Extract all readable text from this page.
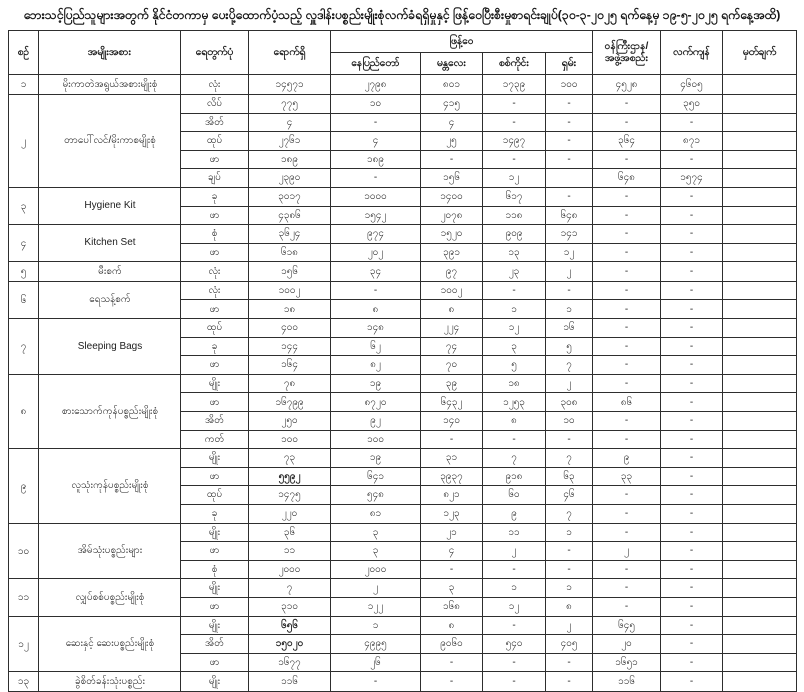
ဘေးသင့်ပြည်သူများအတွက် နိုင်ငံတကာမှ ပေးပို့ထောက်ပံ့သည့် လှူဒါန်းပစ္စည်းမျိုးစုံလက်ခံရရှိမှုနှင့် ဖြန့်ဝေပြီးစီးမှုစာရင်းချုပ်(၃၀-၃-၂၀၂၅ ရက်နေ့မှ ၁၉-၅-၂၀၂၅ ရက်နေ့အထိ)
စဉ်	အမျိုးအစား	ရေတွက်ပုံ	ရောက်ရှိ	ဖြန့်ဝေ				ဝန်ကြီးဌာန/ အဖွဲ့အစည်း	လက်ကျန်	မှတ်ချက်
				နေပြည်တော်	မန္တလေး	စစ်ကိုင်း	ရှမ်း			
၁	မိုးကာတဲအရွယ်အစားမျိုးစုံ	လုံး	၁၄၅၇၁	၂၇၉၈	၈၀၁	၁၇၃၉	၁၀၀	၄၅၂၈	၄၆၀၅	
၂	တာပေါ်လင်/မိုးကာစမျိုးစုံ	လိပ်	၇၇၅	၁၀	၄၁၅	-	-	-	၃၅၀	
		အိတ်	၄	-	၄	-	-	-	-	
		ထုပ်	၂၇၆၁	၄	၂၅	၁၄၉၇	-	၃၆၄	၈၇၁	
		ဖာ	၁၈၉	၁၈၉	-	-	-	-	-	
		ချပ်	၂၃၉၀	-	၁၅၆	၁၂		၆၄၈	၁၅၇၄	
၃	Hygiene Kit	ခု	၃၀၁၇	၁၀၀၀	၁၄၀၀	၆၁၇	-	-	-	
		ဖာ	၄၃၈၆	၁၅၄၂	၂၀၇၈	၁၁၈	၆၄၈	-	-	
၄	Kitchen Set	စုံ	၃၆၂၄	၉၇၄	၁၅၂၀	၉၀၉	၁၄၁	-	-	
		ဖာ	၆၁၈	၂၀၂	၃၉၁	၁၃	၁၂	-	-	
၅	မီးစက်	လုံး	၁၅၆	၃၄	၉၇	၂၃	၂	-	-	
၆	ရေသန့်စက်	လုံး	၁၀၀၂	-	၁၀၀၂	-	-	-	-	
		ဖာ	၁၈	၈	၈	၁	၁	-	-	
၇	Sleeping Bags	ထုပ်	၄၀၀	၁၄၈	၂၂၄	၁၂	၁၆	-	-	
		ခု	၁၄၄	၆၂	၇၄	၃	၅	-	-	
		ဖာ	၁၆၄	၈၂	၇၀	၅	၇	-	-	
၈	စားသောက်ကုန်ပစ္စည်းမျိုးစုံ	မျိုး	၇၈	၁၉	၃၉	၁၈	၂	-	-	
		ဖာ	၁၆၇၉၉	၈၇၂၀	၆၄၃၂	၁၂၅၃	၃၀၈	၈၆	-	
		အိတ်	၂၅၀	၉၂	၁၄၀	၈	၁၀	-	-	
		ကတ်	၁၀၀	၁၀၀	-	-	-	-	-	
၉	လူသုံးကုန်ပစ္စည်းမျိုးစုံ	မျိုး	၇၃	၁၉	၃၁	၇	၇	၉	-	
		ဖာ	၅၅၉၂	၆၄၁	၃၉၃၇	၉၁၈	၆၃	၃၃	-	
		ထုပ်	၁၄၇၅	၅၄၈	၈၂၁	၆၀	၄၆	-	-	
		ခု	၂၂၀	၈၁	၁၂၃	၉	၇	-	-	
၁၀	အိမ်သုံးပစ္စည်းများ	မျိုး	၃၆	၃	၂၁	၁၁	၁	-	-	
		ဖာ	၁၁	၃	၄	၂	-	၂	-	
		စုံ	၂၀၀၀	၂၀၀၀	-	-	-	-	-	
၁၁	လျှပ်စစ်ပစ္စည်းမျိုးစုံ	မျိုး	၇	၂	၃	၁	၁	-	-	
		ဖာ	၃၁၀	၁၂၂	၁၆၈	၁၂	၈	-	-	
၁၂	ဆေးနှင့် ဆေးပစ္စည်းမျိုးစုံ	မျိုး	၆၅၆	၁	၈	-	၂	၆၄၅	-	
		အိတ်	၁၅၀၂၀	၄၉၉၅	၉၀၆၀	၅၄၀	၄၀၅	၂၀	-	
		ဖာ	၁၆၇၇	၂၆	-	-	-	၁၆၅၁	-	
၁၃	ခွဲစိတ်ခန်းသုံးပစ္စည်း	မျိုး	၁၁၆	-	-	-	-	၁၁၆	-	
